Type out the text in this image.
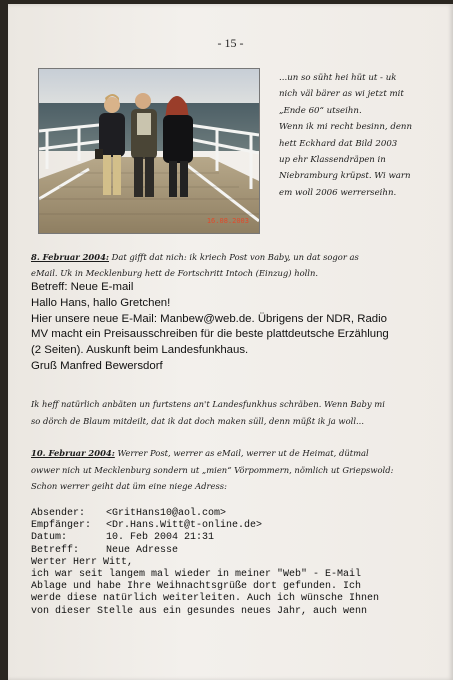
- 15 -
16.08.2003
...un so süht hei hüt ut - uk
nich väl bärer as wi jetzt mit
„Ende 60“ utseihn.
Wenn ik mi recht besinn, denn
hett Eckhard dat Bild 2003
up ehr Klassendräpen in
Niebramburg krüpst. Wi warn
em woll 2006 werrerseihn.
8. Februar 2004: Dat gifft dat nich: ik kriech Post von Baby, un dat sogor as
eMail. Uk in Mecklenburg hett de Fortschritt Intoch (Einzug) holln.
Betreff: Neue E-mail
Hallo Hans, hallo Gretchen!
Hier unsere neue E-Mail: Manbew@web.de. Übrigens der NDR, Radio
MV macht ein Preisausschreiben für die beste plattdeutsche Erzählung
(2 Seiten). Auskunft beim Landesfunkhaus.
Gruß Manfred Bewersdorf
Ik heff natürlich anbäten un furtstens an't Landesfunkhus schräben. Wenn Baby mi
so dörch de Blaum mitdeilt, dat ik dat doch maken süll, denn müßt ik ja woll...
10. Februar 2004: Werrer Post, werrer as eMail, werrer ut de Heimat, dütmal
owwer nich ut Mecklenburg sondern ut „mien“ Vörpommern, nömlich ut Griepswold:
Schon werrer geiht dat üm eine niege Adress:
Absender:	<GritHans10@aol.com>
Empfänger:	<Dr.Hans.Witt@t-online.de>
Datum:	10. Feb 2004 21:31
Betreff:	Neue Adresse
Werter Herr Witt,
ich war seit langem mal wieder in meiner "Web" - E-Mail
Ablage und habe Ihre Weihnachtsgrüße dort gefunden. Ich
werde diese natürlich weiterleiten. Auch ich wünsche Ihnen
von dieser Stelle aus ein gesundes neues Jahr, auch wenn
